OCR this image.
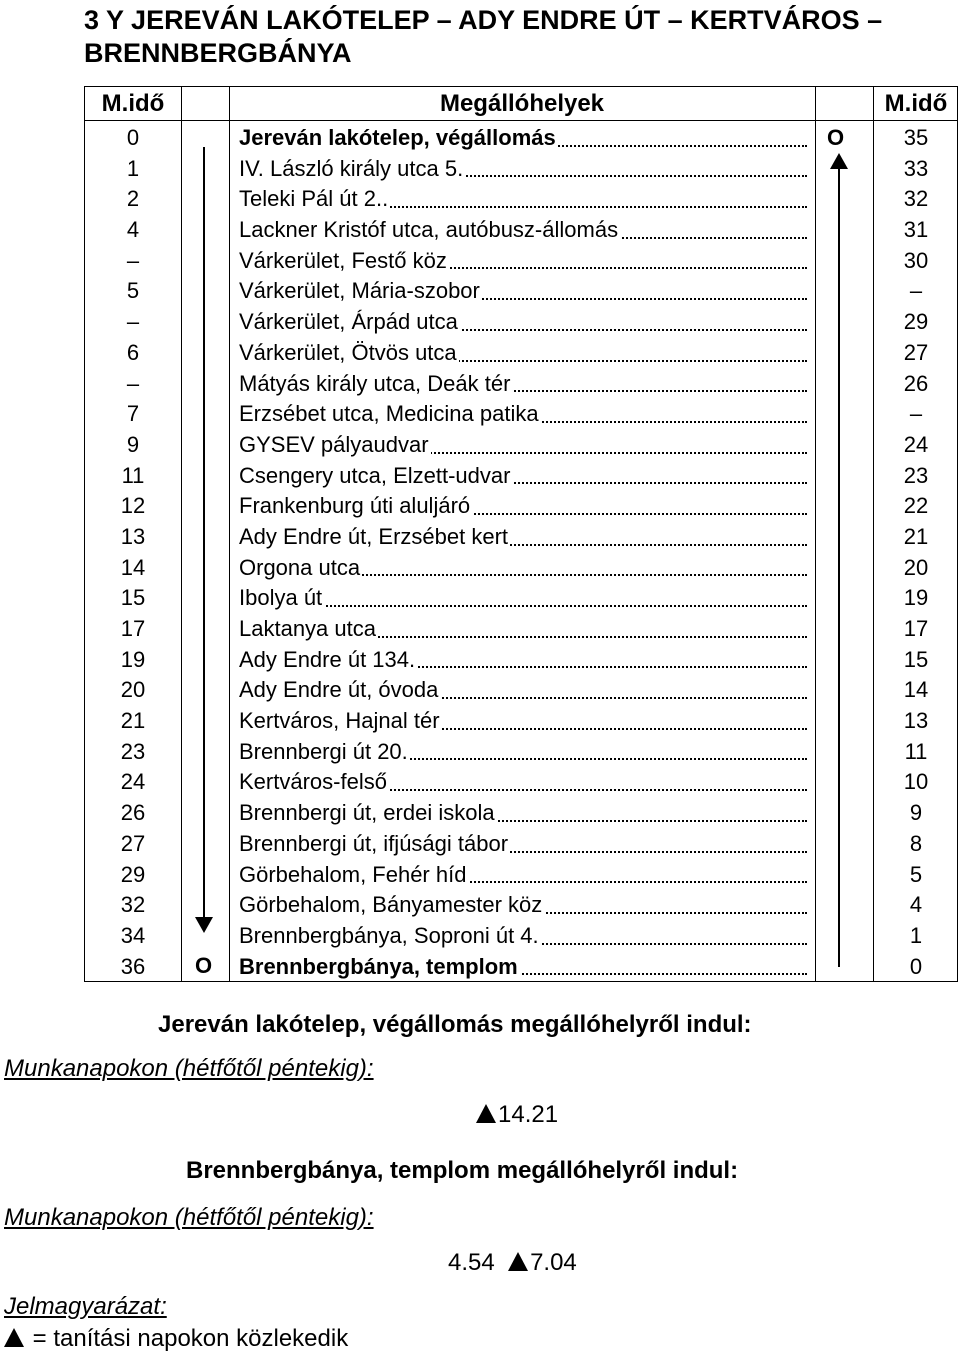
3 Y JEREVÁN LAKÓTELEP – ADY ENDRE ÚT – KERTVÁROS – BRENNBERGBÁNYA
M.idő	Megállóhelyek	M.idő
O
O
0	Jereván lakótelep, végállomás	35
1	IV. László király utca 5.	33
2	Teleki Pál út 2..	32
4	Lackner Kristóf utca, autóbusz-állomás	31
–	Várkerület, Festő köz	30
5	Várkerület, Mária-szobor	–
–	Várkerület, Árpád utca	29
6	Várkerület, Ötvös utca	27
–	Mátyás király utca, Deák tér	26
7	Erzsébet utca, Medicina patika	–
9	GYSEV pályaudvar	24
11	Csengery utca, Elzett-udvar	23
12	Frankenburg úti aluljáró	22
13	Ady Endre út, Erzsébet kert	21
14	Orgona utca	20
15	Ibolya út	19
17	Laktanya utca	17
19	Ady Endre út 134.	15
20	Ady Endre út, óvoda	14
21	Kertváros, Hajnal tér	13
23	Brennbergi út 20.	11
24	Kertváros-felső	10
26	Brennbergi út, erdei iskola	9
27	Brennbergi út, ifjúsági tábor	8
29	Görbehalom, Fehér híd	5
32	Görbehalom, Bányamester köz	4
34	Brennbergbánya, Soproni út 4.	1
36	Brennbergbánya, templom	0
Jereván lakótelep, végállomás megállóhelyről indul:
Munkanapokon (hétfőtől péntekig):
14.21
Brennbergbánya, templom megállóhelyről indul:
Munkanapokon (hétfőtől péntekig):
4.54 7.04
Jelmagyarázat:
= tanítási napokon közlekedik
